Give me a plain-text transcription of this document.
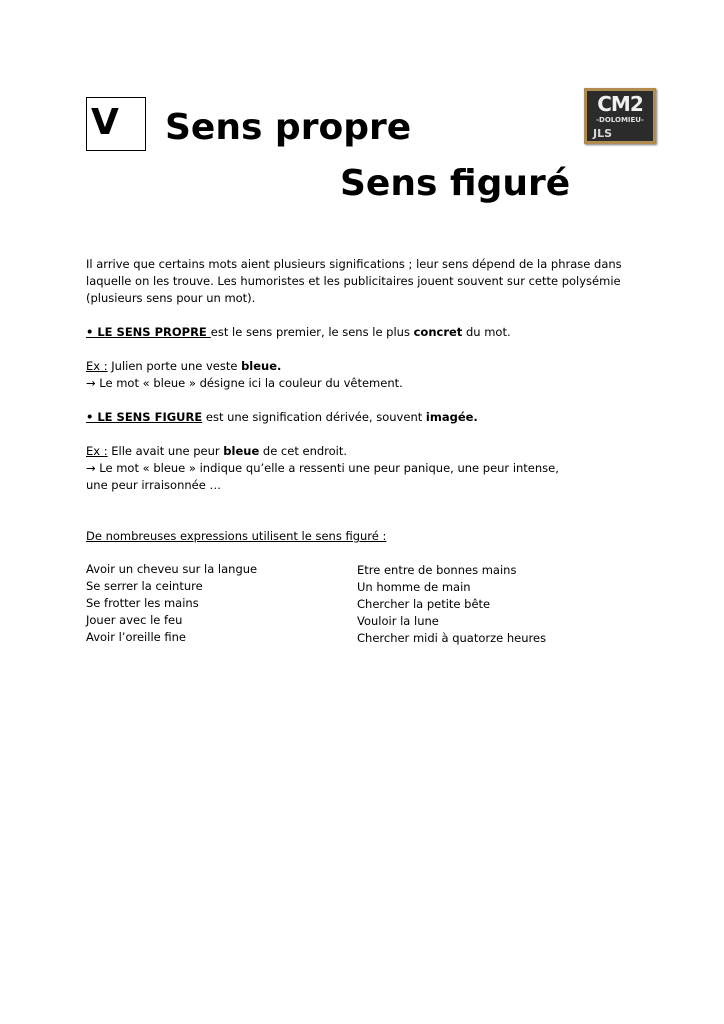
V	Sens propre
Sens figuré
CM2
-DOLOMIEU-
JLS

Il arrive que certains mots aient plusieurs significations ; leur sens dépend de la phrase dans laquelle on les trouve. Les humoristes et les publicitaires jouent souvent sur cette polysémie (plusieurs sens pour un mot).

• LE SENS PROPRE est le sens premier, le sens le plus concret du mot.

Ex : Julien porte une veste bleue.

→ Le mot « bleue » désigne ici la couleur du vêtement.

• LE SENS FIGURE est une signification dérivée, souvent imagée.

Ex : Elle avait une peur bleue de cet endroit.

→ Le mot « bleue » indique qu’elle a ressenti une peur panique, une peur intense,

une peur irraisonnée …

De nombreuses expressions utilisent le sens figuré :

Avoir un cheveu sur la langue
Se serrer la ceinture
Se frotter les mains
Jouer avec le feu
Avoir l’oreille fine
Etre entre de bonnes mains
Un homme de main
Chercher la petite bête
Vouloir la lune
Chercher midi à quatorze heures
